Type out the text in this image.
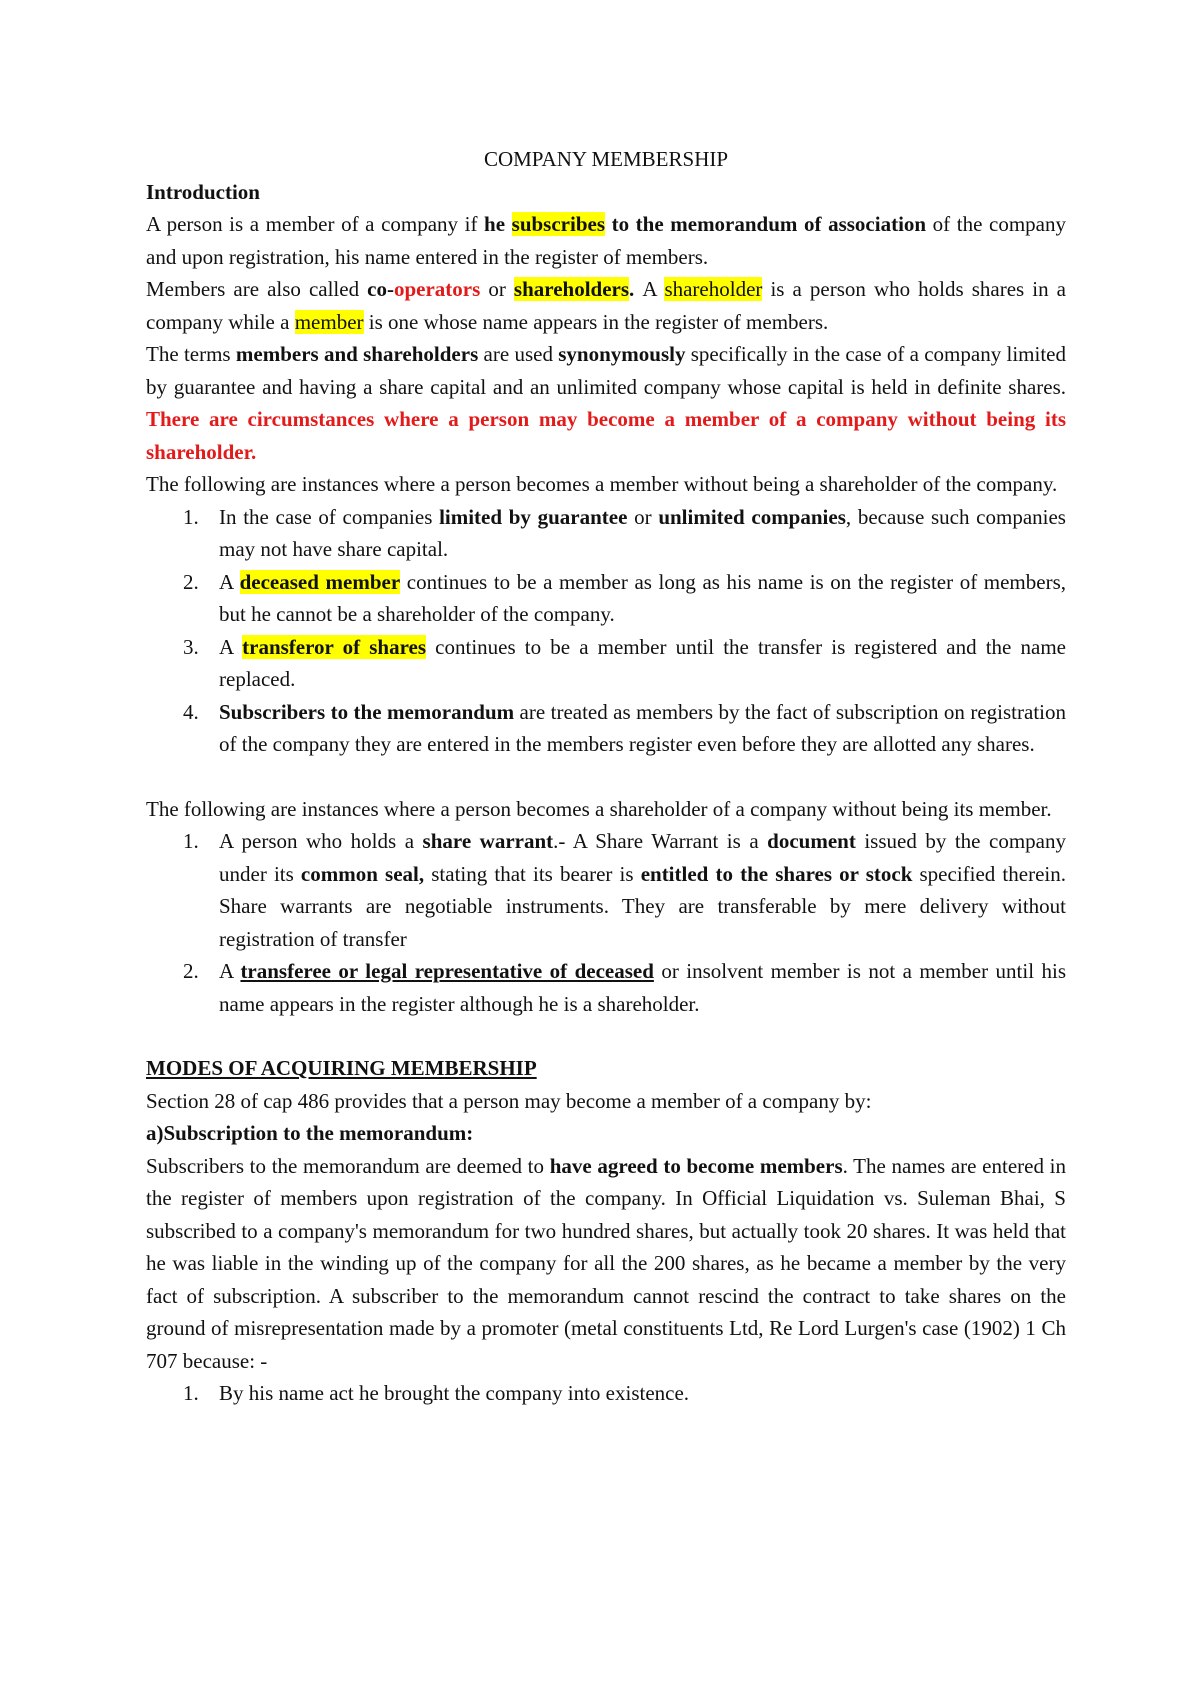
COMPANY MEMBERSHIP

Introduction

A person is a member of a company if he subscribes to the memorandum of association of the company and upon registration, his name entered in the register of members.

Members are also called co-operators or shareholders. A shareholder is a person who holds shares in a company while a member is one whose name appears in the register of members.

The terms members and shareholders are used synonymously specifically in the case of a company limited by guarantee and having a share capital and an unlimited company whose capital is held in definite shares. There are circumstances where a person may become a member of a company without being its shareholder.

The following are instances where a person becomes a member without being a shareholder of the company.

1. In the case of companies limited by guarantee or unlimited companies, because such companies may not have share capital.
2. A deceased member continues to be a member as long as his name is on the register of members, but he cannot be a shareholder of the company.
3. A transferor of shares continues to be a member until the transfer is registered and the name replaced.
4. Subscribers to the memorandum are treated as members by the fact of subscription on registration of the company they are entered in the members register even before they are allotted any shares.

The following are instances where a person becomes a shareholder of a company without being its member.

1. A person who holds a share warrant.- A Share Warrant is a document issued by the company under its common seal, stating that its bearer is entitled to the shares or stock specified therein. Share warrants are negotiable instruments. They are transferable by mere delivery without registration of transfer
2. A transferee or legal representative of deceased or insolvent member is not a member until his name appears in the register although he is a shareholder.

MODES OF ACQUIRING MEMBERSHIP

Section 28 of cap 486 provides that a person may become a member of a company by:

a)Subscription to the memorandum:

Subscribers to the memorandum are deemed to have agreed to become members. The names are entered in the register of members upon registration of the company. In Official Liquidation vs. Suleman Bhai, S subscribed to a company's memorandum for two hundred shares, but actually took 20 shares. It was held that he was liable in the winding up of the company for all the 200 shares, as he became a member by the very fact of subscription. A subscriber to the memorandum cannot rescind the contract to take shares on the ground of misrepresentation made by a promoter (metal constituents Ltd, Re Lord Lurgen's case (1902) 1 Ch 707 because: -

1. By his name act he brought the company into existence.
